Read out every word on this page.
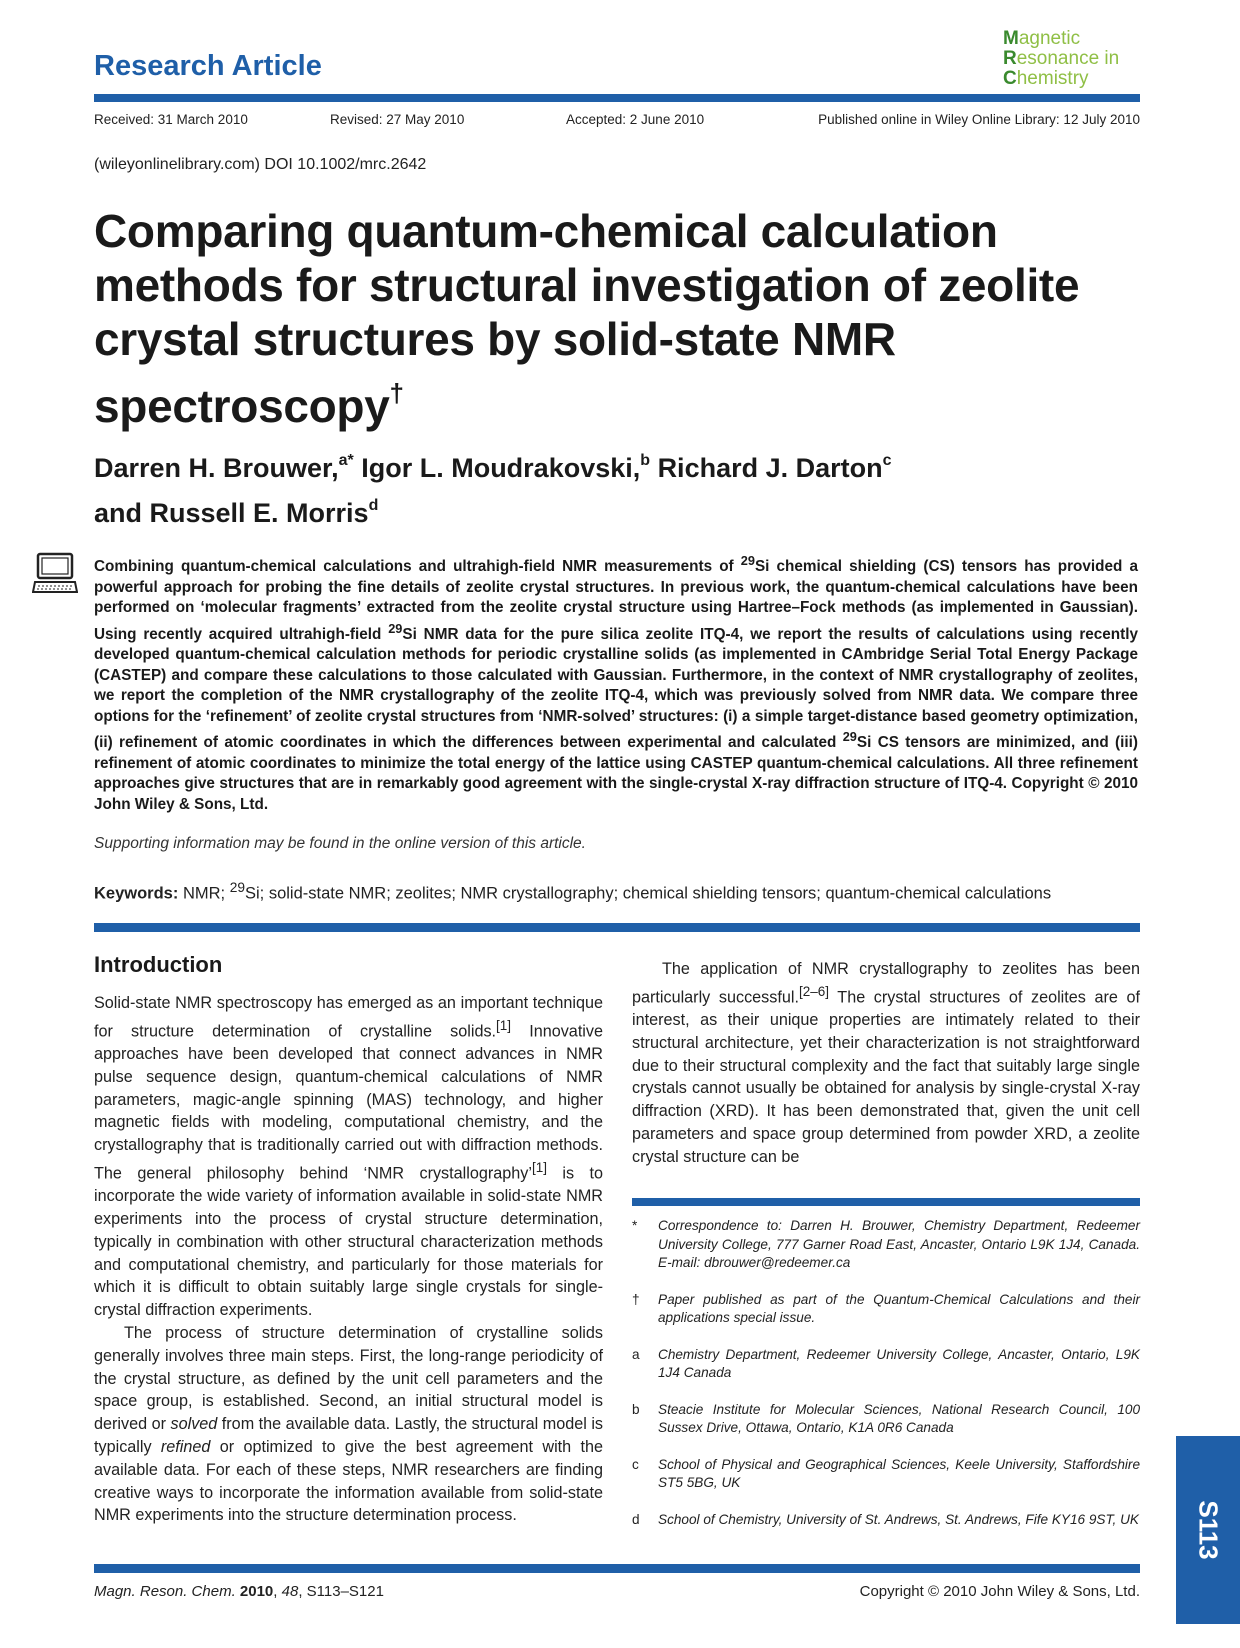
Research Article
Magnetic
Resonance in
Chemistry
Received: 31 March 2010	Revised: 27 May 2010	Accepted: 2 June 2010	Published online in Wiley Online Library: 12 July 2010
(wileyonlinelibrary.com) DOI 10.1002/mrc.2642
Comparing quantum-chemical calculation methods for structural investigation of zeolite crystal structures by solid-state NMR spectroscopy†
Darren H. Brouwer,$^{a*}$ Igor L. Moudrakovski,$^b$ Richard J. Darton$^c$
and Russell E. Morris$^d$
Combining quantum-chemical calculations and ultrahigh-field NMR measurements of $^{29}$Si chemical shielding (CS) tensors has provided a powerful approach for probing the fine details of zeolite crystal structures. In previous work, the quantum-chemical calculations have been performed on ‘molecular fragments’ extracted from the zeolite crystal structure using Hartree–Fock methods (as implemented in Gaussian). Using recently acquired ultrahigh-field $^{29}$Si NMR data for the pure silica zeolite ITQ-4, we report the results of calculations using recently developed quantum-chemical calculation methods for periodic crystalline solids (as implemented in CAmbridge Serial Total Energy Package (CASTEP) and compare these calculations to those calculated with Gaussian. Furthermore, in the context of NMR crystallography of zeolites, we report the completion of the NMR crystallography of the zeolite ITQ-4, which was previously solved from NMR data. We compare three options for the ‘refinement’ of zeolite crystal structures from ‘NMR-solved’ structures: (i) a simple target-distance based geometry optimization, (ii) refinement of atomic coordinates in which the differences between experimental and calculated $^{29}$Si CS tensors are minimized, and (iii) refinement of atomic coordinates to minimize the total energy of the lattice using CASTEP quantum-chemical calculations. All three refinement approaches give structures that are in remarkably good agreement with the single-crystal X-ray diffraction structure of ITQ-4. Copyright © 2010 John Wiley & Sons, Ltd.
Supporting information may be found in the online version of this article.
Keywords: NMR; $^{29}$Si; solid-state NMR; zeolites; NMR crystallography; chemical shielding tensors; quantum-chemical calculations
Introduction

Solid-state NMR spectroscopy has emerged as an important technique for structure determination of crystalline solids.[1] Innovative approaches have been developed that connect advances in NMR pulse sequence design, quantum-chemical calculations of NMR parameters, magic-angle spinning (MAS) technology, and higher magnetic fields with modeling, computational chemistry, and the crystallography that is traditionally carried out with diffraction methods. The general philosophy behind ‘NMR crystallography’[1] is to incorporate the wide variety of information available in solid-state NMR experiments into the process of crystal structure determination, typically in combination with other structural characterization methods and computational chemistry, and particularly for those materials for which it is difficult to obtain suitably large single crystals for single-crystal diffraction experiments.

The process of structure determination of crystalline solids generally involves three main steps. First, the long-range periodicity of the crystal structure, as defined by the unit cell parameters and the space group, is established. Second, an initial structural model is derived or solved from the available data. Lastly, the structural model is typically refined or optimized to give the best agreement with the available data. For each of these steps, NMR researchers are finding creative ways to incorporate the information available from solid-state NMR experiments into the structure determination process.

The application of NMR crystallography to zeolites has been particularly successful.[2–6] The crystal structures of zeolites are of interest, as their unique properties are intimately related to their structural architecture, yet their characterization is not straightforward due to their structural complexity and the fact that suitably large single crystals cannot usually be obtained for analysis by single-crystal X-ray diffraction (XRD). It has been demonstrated that, given the unit cell parameters and space group determined from powder XRD, a zeolite crystal structure can be

*	Correspondence to: Darren H. Brouwer, Chemistry Department, Redeemer University College, 777 Garner Road East, Ancaster, Ontario L9K 1J4, Canada. E-mail: dbrouwer@redeemer.ca
†	Paper published as part of the Quantum-Chemical Calculations and their applications special issue.
a	Chemistry Department, Redeemer University College, Ancaster, Ontario, L9K 1J4 Canada
b	Steacie Institute for Molecular Sciences, National Research Council, 100 Sussex Drive, Ottawa, Ontario, K1A 0R6 Canada
c	School of Physical and Geographical Sciences, Keele University, Staffordshire ST5 5BG, UK
d	School of Chemistry, University of St. Andrews, St. Andrews, Fife KY16 9ST, UK S113
Magn. Reson. Chem. 2010, 48, S113–S121	Copyright © 2010 John Wiley & Sons, Ltd.
